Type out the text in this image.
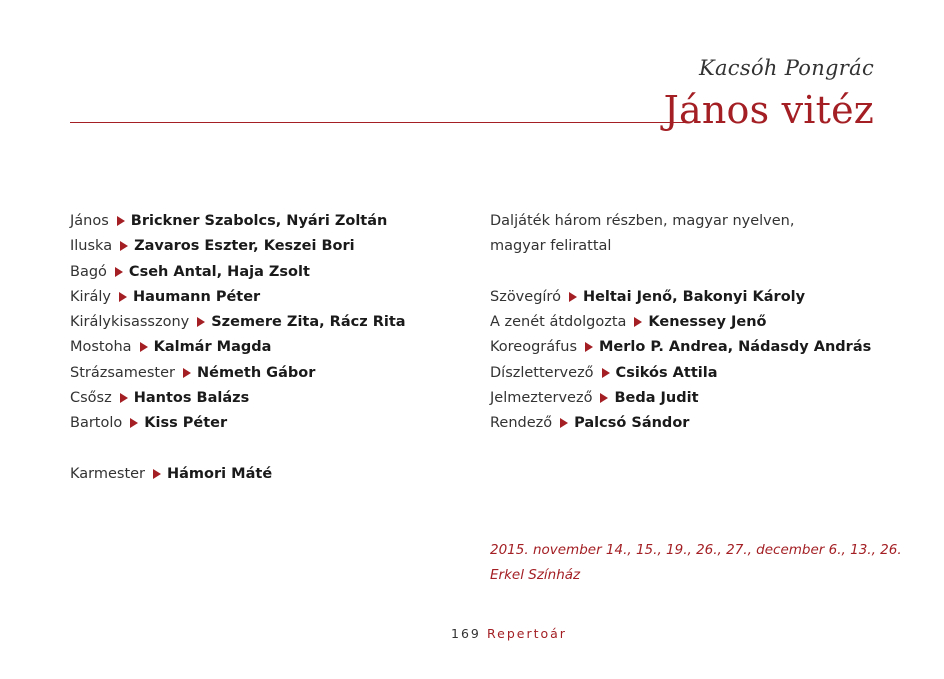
Kacsóh Pongrác
János vitéz
János Brickner Szabolcs, Nyári Zoltán
Iluska Zavaros Eszter, Keszei Bori
Bagó Cseh Antal, Haja Zsolt
Király Haumann Péter
Királykisasszony Szemere Zita, Rácz Rita
Mostoha Kalmár Magda
Strázsamester Németh Gábor
Csősz Hantos Balázs
Bartolo Kiss Péter
Karmester Hámori Máté
Daljáték három részben, magyar nyelven,
magyar felirattal
Szövegíró Heltai Jenő, Bakonyi Károly
A zenét átdolgozta Kenessey Jenő
Koreográfus Merlo P. Andrea, Nádasdy András
Díszlettervező Csikós Attila
Jelmeztervező Beda Judit
Rendező Palcsó Sándor
2015. november 14., 15., 19., 26., 27., december 6., 13., 26.
Erkel Színház
169 Repertoár
